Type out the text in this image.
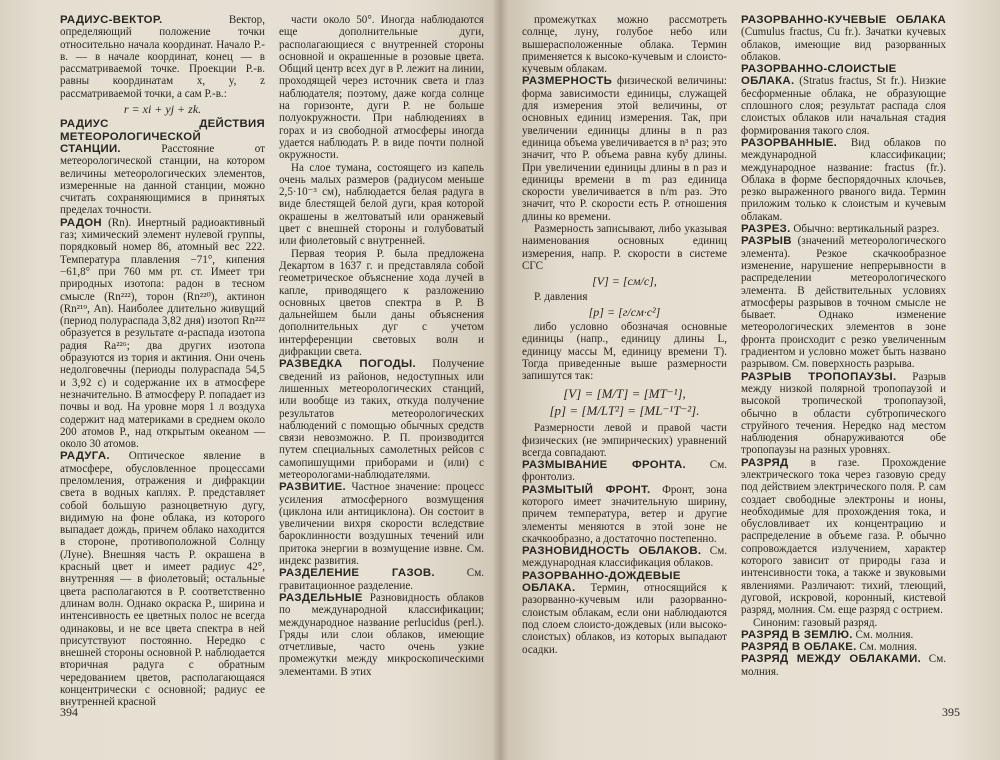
РАДИУС-ВЕКТОР. Вектор, определяющий положение точки относительно начала координат. Начало Р.-в. — в начале координат, конец — в рассматриваемой точке. Проекции Р.-в. равны координатам x, y, z рассматриваемой точки, а сам Р.-в.:

r = xi + yj + zk.

РАДИУС ДЕЙСТВИЯ МЕТЕОРОЛОГИЧЕСКОЙ СТАНЦИИ. Расстояние от метеорологической станции, на котором величины метеорологических элементов, измеренные на данной станции, можно считать сохраняющимися в принятых пределах точности.

РАДОН (Rn). Инертный радиоактивный газ; химический элемент нулевой группы, порядковый номер 86, атомный вес 222. Температура плавления −71°, кипения −61,8° при 760 мм рт. ст. Имеет три природных изотопа: радон в тесном смысле (Rn²²²), торон (Rn²²⁰), актинон (Rn²¹⁹, An). Наиболее длительно живущий (период полураспада 3,82 дня) изотоп Rn²²² образуется в результате α-распада изотопа радия Ra²²⁶; два других изотопа образуются из тория и актиния. Они очень недолговечны (периоды полураспада 54,5 и 3,92 с) и содержание их в атмосфере незначительно. В атмосферу Р. попадает из почвы и вод. На уровне моря 1 л воздуха содержит над материками в среднем около 200 атомов Р., над открытым океаном — около 30 атомов.

РАДУГА. Оптическое явление в атмосфере, обусловленное процессами преломления, отражения и дифракции света в водных каплях. Р. представляет собой большую разноцветную дугу, видимую на фоне облака, из которого выпадает дождь, причем облако находится в стороне, противоположной Солнцу (Луне). Внешняя часть Р. окрашена в красный цвет и имеет радиус 42°, внутренняя — в фиолетовый; остальные цвета располагаются в Р. соответственно длинам волн. Однако окраска Р., ширина и интенсивность ее цветных полос не всегда одинаковы, и не все цвета спектра в ней присутствуют постоянно. Нередко с внешней стороны основной Р. наблюдается вторичная радуга с обратным чередованием цветов, располагающаяся концентрически с основной; радиус ее внутренней красной

части около 50°. Иногда наблюдаются еще дополнительные дуги, располагающиеся с внутренней стороны основной и окрашенные в розовые цвета. Общий центр всех дуг в Р. лежит на линии, проходящей через источник света и глаз наблюдателя; поэтому, даже когда солнце на горизонте, дуги Р. не больше полуокружности. При наблюдениях в горах и из свободной атмосферы иногда удается наблюдать Р. в виде почти полной окружности.

На слое тумана, состоящего из капель очень малых размеров (радиусом меньше 2,5·10⁻³ см), наблюдается белая радуга в виде блестящей белой дуги, края которой окрашены в желтоватый или оранжевый цвет с внешней стороны и голубоватый или фиолетовый с внутренней.

Первая теория Р. была предложена Декартом в 1637 г. и представляла собой геометрическое объяснение хода лучей в капле, приводящего к разложению основных цветов спектра в Р. В дальнейшем были даны объяснения дополнительных дуг с учетом интерференции световых волн и дифракции света.

РАЗВЕДКА ПОГОДЫ. Получение сведений из районов, недоступных или лишенных метеорологических станций, или вообще из таких, откуда получение результатов метеорологических наблюдений с помощью обычных средств связи невозможно. Р. П. производится путем специальных самолетных рейсов с самопишущими приборами и (или) с метеорологами-наблюдателями.

РАЗВИТИЕ. Частное значение: процесс усиления атмосферного возмущения (циклона или антициклона). Он состоит в увеличении вихря скорости вследствие бароклинности воздушных течений или притока энергии в возмущение извне. См. индекс развития.

РАЗДЕЛЕНИЕ ГАЗОВ. См. гравитационное разделение.

РАЗДЕЛЬНЫЕ Разновидность облаков по международной классификации; международное название perlucidus (perl.). Гряды или слои облаков, имеющие отчетливые, часто очень узкие промежутки между микроскопическими элементами. В этих

394

промежутках можно рассмотреть солнце, луну, голубое небо или вышерасположенные облака. Термин применяется к высоко-кучевым и слоисто-кучевым облакам.

РАЗМЕРНОСТЬ физической величины: форма зависимости единицы, служащей для измерения этой величины, от основных единиц измерения. Так, при увеличении единицы длины в n раз единица объема увеличивается в n³ раз; это значит, что Р. объема равна кубу длины. При увеличении единицы длины в n раз и единицы времени в m раз единица скорости увеличивается в n/m раз. Это значит, что Р. скорости есть Р. отношения длины ко времени.

Размерность записывают, либо указывая наименования основных единиц измерения, напр. Р. скорости в системе СГС

[V] = [см/с],

Р. давления

[p] = [г/см·с²]

либо условно обозначая основные единицы (напр., единицу длины L, единицу массы M, единицу времени T). Тогда приведенные выше размерности запишутся так:

[V] = [M/T] = [MT⁻¹],
[p] = [M/LT²] = [ML⁻¹T⁻²].

Размерности левой и правой части физических (не эмпирических) уравнений всегда совпадают.

РАЗМЫВАНИЕ ФРОНТА. См. фронтолиз.

РАЗМЫТЫЙ ФРОНТ. Фронт, зона которого имеет значительную ширину, причем температура, ветер и другие элементы меняются в этой зоне не скачкообразно, а достаточно постепенно.

РАЗНОВИДНОСТЬ ОБЛАКОВ. См. международная классификация облаков.

РАЗОРВАННО-ДОЖДЕВЫЕ ОБЛАКА. Термин, относящийся к разорванно-кучевым или разорванно-слоистым облакам, если они наблюдаются под слоем слоисто-дождевых (или высоко-слоистых) облаков, из которых выпадают осадки.

РАЗОРВАННО-КУЧЕВЫЕ ОБЛАКА (Cumulus fractus, Cu fr.). Зачатки кучевых облаков, имеющие вид разорванных облаков.

РАЗОРВАННО-СЛОИСТЫЕ ОБЛАКА. (Stratus fractus, St fr.). Низкие бесформенные облака, не образующие сплошного слоя; результат распада слоя слоистых облаков или начальная стадия формирования такого слоя.

РАЗОРВАННЫЕ. Вид облаков по международной классификации; международное название: fractus (fr.). Облака в форме беспорядочных клочьев, резко выраженного рваного вида. Термин приложим только к слоистым и кучевым облакам.

РАЗРЕЗ. Обычно: вертикальный разрез.

РАЗРЫВ (значений метеорологического элемента). Резкое скачкообразное изменение, нарушение непрерывности в распределении метеорологического элемента. В действительных условиях атмосферы разрывов в точном смысле не бывает. Однако изменение метеорологических элементов в зоне фронта происходит с резко увеличенным градиентом и условно может быть названо разрывом. См. поверхность разрыва.

РАЗРЫВ ТРОПОПАУЗЫ. Разрыв между низкой полярной тропопаузой и высокой тропической тропопаузой, обычно в области субтропического струйного течения. Нередко над местом наблюдения обнаруживаются обе тропопаузы на разных уровнях.

РАЗРЯД в газе. Прохождение электрического тока через газовую среду под действием электрического поля. Р. сам создает свободные электроны и ионы, необходимые для прохождения тока, и обусловливает их концентрацию и распределение в объеме газа. Р. обычно сопровождается излучением, характер которого зависит от природы газа и интенсивности тока, а также и звуковыми явлениями. Различают: тихий, тлеющий, дуговой, искровой, коронный, кистевой разряд, молния. См. еще разряд с острием.

Синоним: газовый разряд.

РАЗРЯД В ЗЕМЛЮ. См. молния.

РАЗРЯД В ОБЛАКЕ. См. молния.

РАЗРЯД МЕЖДУ ОБЛАКАМИ. См. молния.

395
